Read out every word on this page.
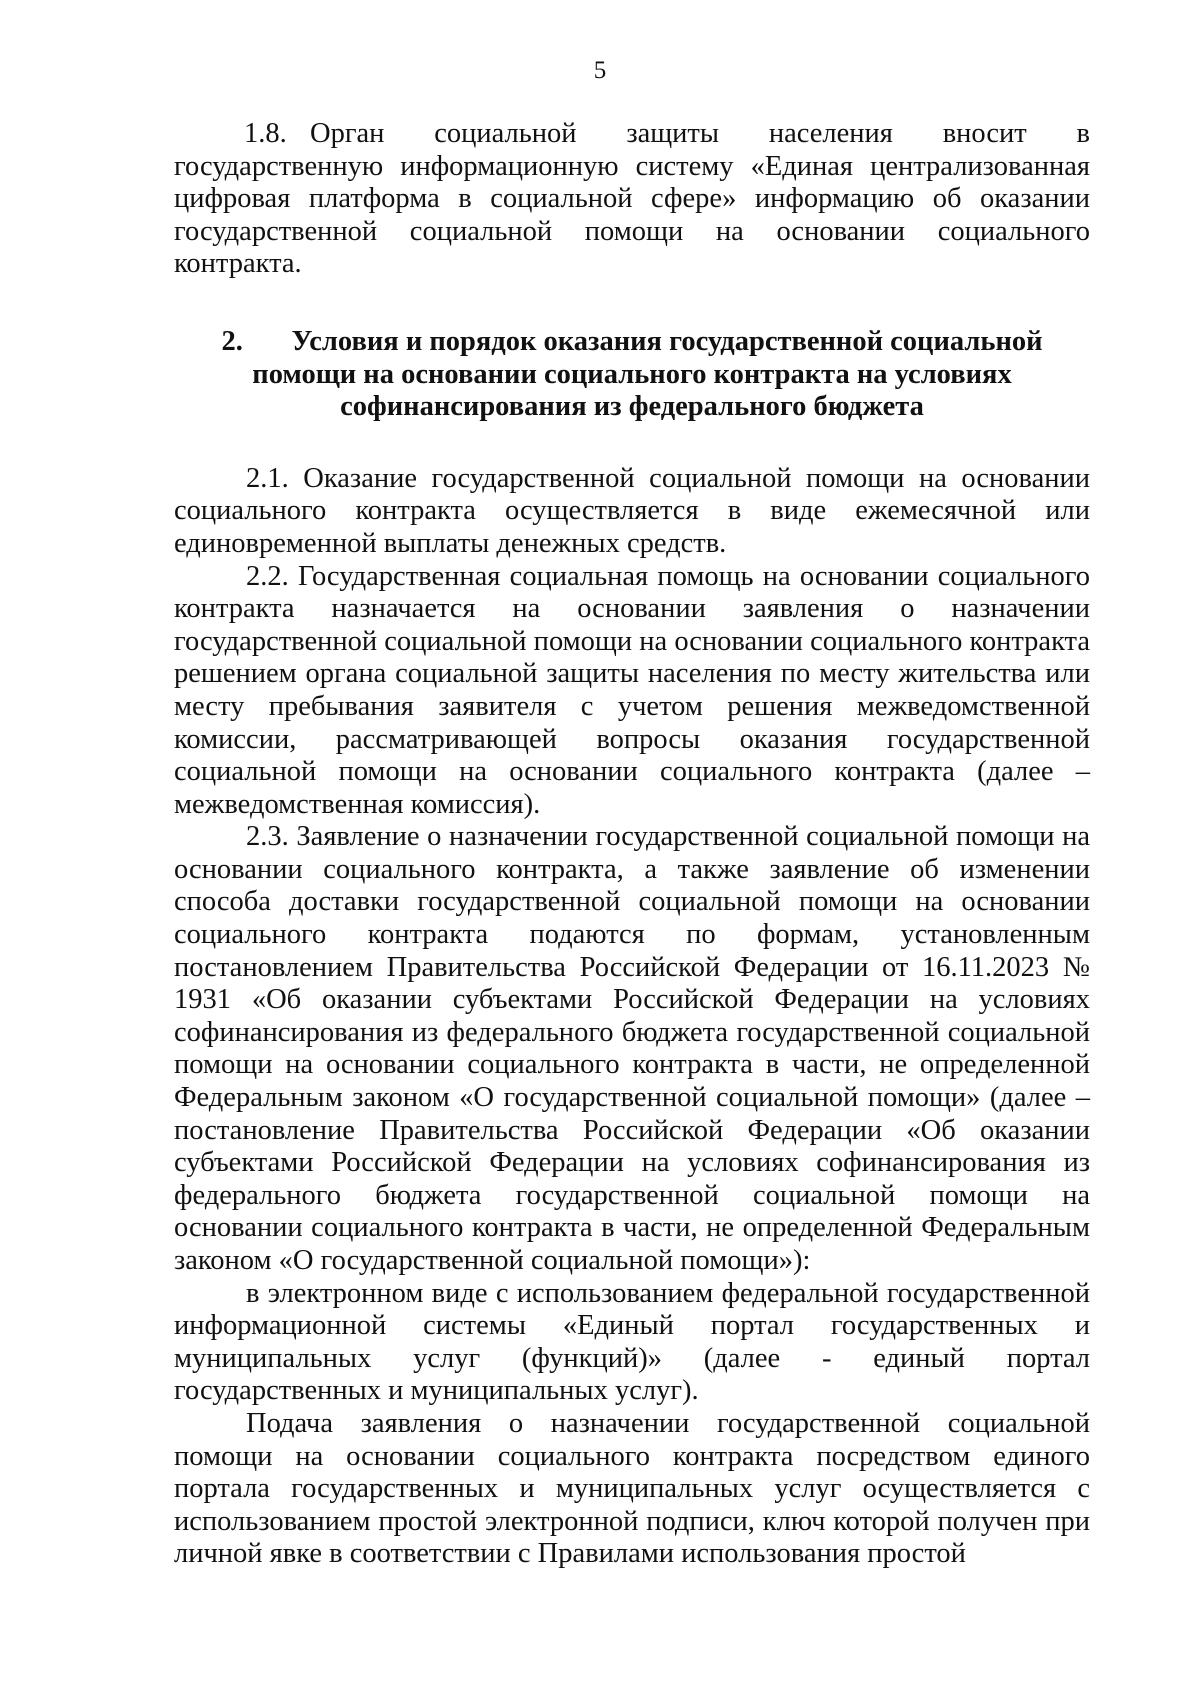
5

1.8. Орган социальной защиты населения вносит в государственную информационную систему «Единая централизованная цифровая платформа в социальной сфере» информацию об оказании государственной социальной помощи на основании социального контракта.

2. Условия и порядок оказания государственной социальной
помощи на основании социального контракта на условиях
софинансирования из федерального бюджета

2.1. Оказание государственной социальной помощи на основании социального контракта осуществляется в виде ежемесячной или единовременной выплаты денежных средств.

2.2. Государственная социальная помощь на основании социального контракта назначается на основании заявления о назначении государственной социальной помощи на основании социального контракта решением органа социальной защиты населения по месту жительства или месту пребывания заявителя с учетом решения межведомственной комиссии, рассматривающей вопросы оказания государственной социальной помощи на основании социального контракта (далее – межведомственная комиссия).

2.3. Заявление о назначении государственной социальной помощи на основании социального контракта, а также заявление об изменении способа доставки государственной социальной помощи на основании социального контракта подаются по формам, установленным постановлением Правительства Российской Федерации от 16.11.2023 № 1931 «Об оказании субъектами Российской Федерации на условиях софинансирования из федерального бюджета государственной социальной помощи на основании социального контракта в части, не определенной Федеральным законом «О государственной социальной помощи» (далее – постановление Правительства Российской Федерации «Об оказании субъектами Российской Федерации на условиях софинансирования из федерального бюджета государственной социальной помощи на основании социального контракта в части, не определенной Федеральным законом «О государственной социальной помощи»):

в электронном виде с использованием федеральной государственной информационной системы «Единый портал государственных и муниципальных услуг (функций)» (далее - единый портал государственных и муниципальных услуг).

Подача заявления о назначении государственной социальной помощи на основании социального контракта посредством единого портала государственных и муниципальных услуг осуществляется с использованием простой электронной подписи, ключ которой получен при личной явке в соответствии с Правилами использования простой
